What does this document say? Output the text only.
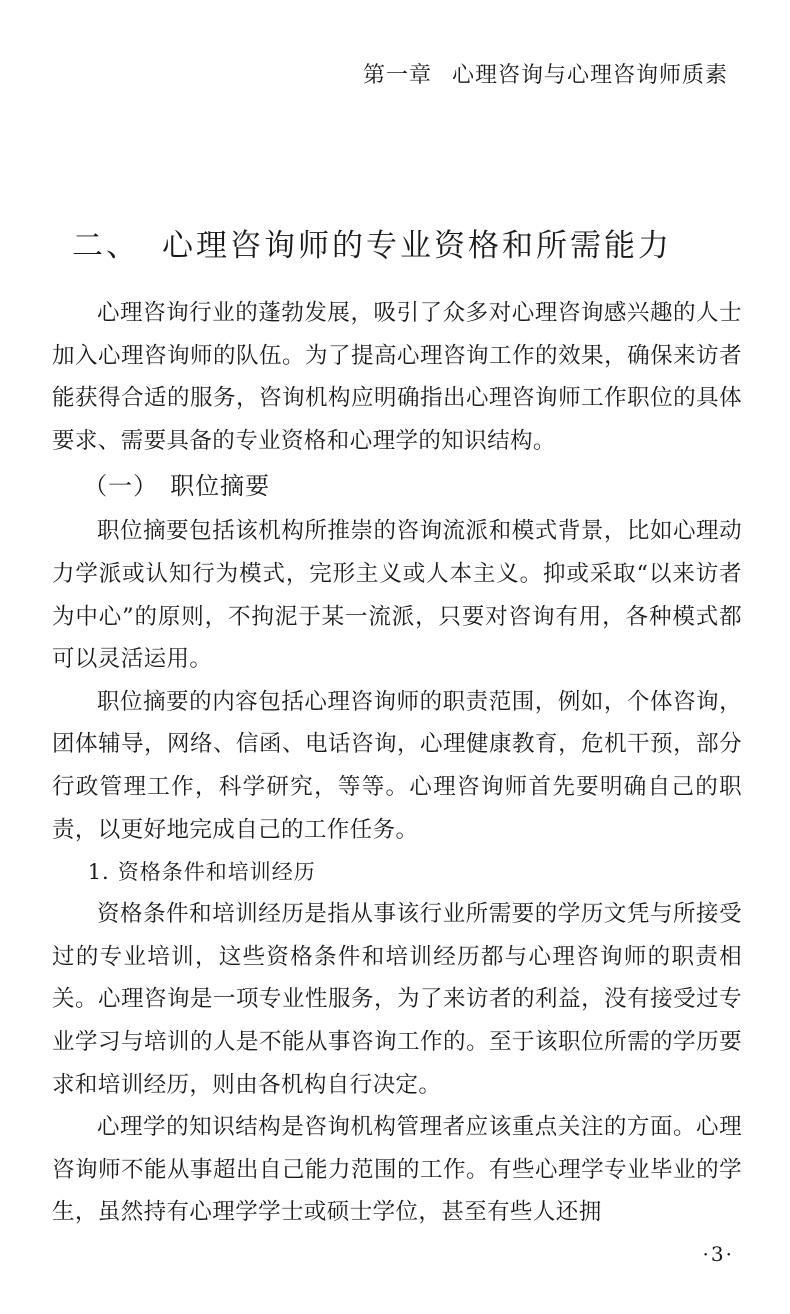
第一章 心理咨询与心理咨询师质素
二、 心理咨询师的专业资格和所需能力

心理咨询行业的蓬勃发展，吸引了众多对心理咨询感兴趣的人士加入心理咨询师的队伍。为了提高心理咨询工作的效果，确保来访者能获得合适的服务，咨询机构应明确指出心理咨询师工作职位的具体要求、需要具备的专业资格和心理学的知识结构。

（一） 职位摘要

职位摘要包括该机构所推崇的咨询流派和模式背景，比如心理动力学派或认知行为模式，完形主义或人本主义。抑或采取“以来访者为中心”的原则，不拘泥于某一流派，只要对咨询有用，各种模式都可以灵活运用。

职位摘要的内容包括心理咨询师的职责范围，例如，个体咨询，团体辅导，网络、信函、电话咨询，心理健康教育，危机干预，部分行政管理工作，科学研究，等等。心理咨询师首先要明确自己的职责，以更好地完成自己的工作任务。

1. 资格条件和培训经历

资格条件和培训经历是指从事该行业所需要的学历文凭与所接受过的专业培训，这些资格条件和培训经历都与心理咨询师的职责相关。心理咨询是一项专业性服务，为了来访者的利益，没有接受过专业学习与培训的人是不能从事咨询工作的。至于该职位所需的学历要求和培训经历，则由各机构自行决定。

心理学的知识结构是咨询机构管理者应该重点关注的方面。心理咨询师不能从事超出自己能力范围的工作。有些心理学专业毕业的学生，虽然持有心理学学士或硕士学位，甚至有些人还拥

·3·
